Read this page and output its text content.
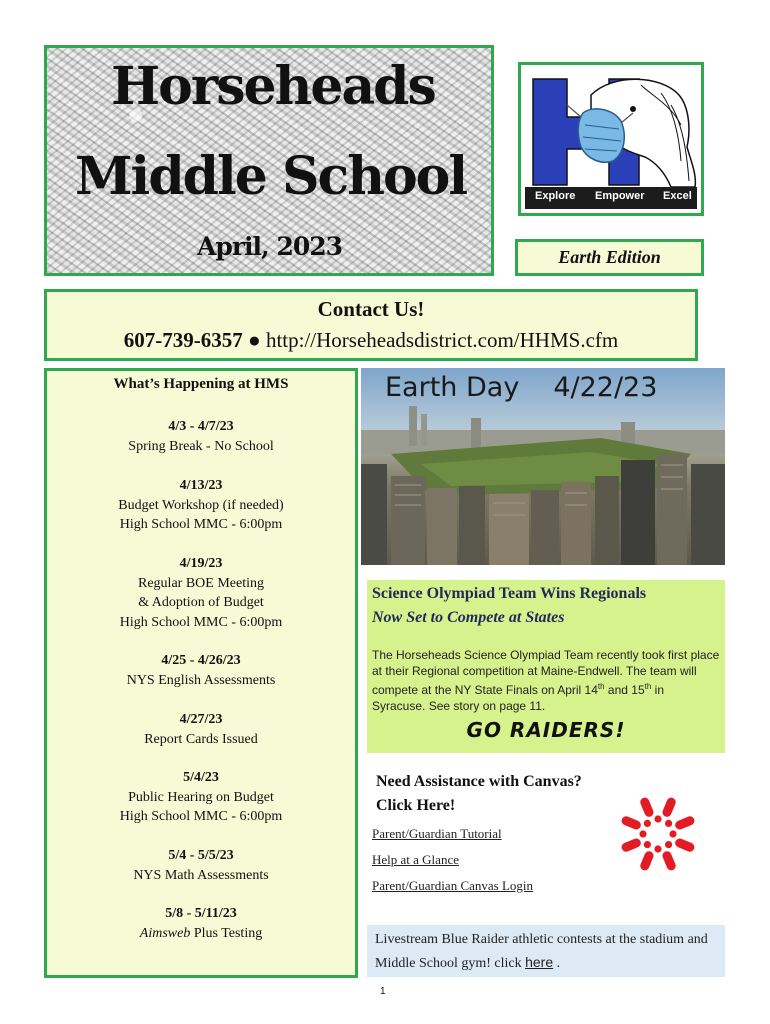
Horseheads
Middle School
April, 2023
Explore Empower Excel
Earth Edition
Contact Us!
607-739-6357 ● http://Horseheadsdistrict.com/HHMS.cfm
What’s Happening at HMS
4/3 - 4/7/23
Spring Break - No School
4/13/23
Budget Workshop (if needed)
High School MMC - 6:00pm
4/19/23
Regular BOE Meeting
& Adoption of Budget
High School MMC - 6:00pm
4/25 - 4/26/23
NYS English Assessments
4/27/23
Report Cards Issued
5/4/23
Public Hearing on Budget
High School MMC - 6:00pm
5/4 - 5/5/23
NYS Math Assessments
5/8 - 5/11/23
Aimsweb Plus Testing
Earth Day 4/22/23
Science Olympiad Team Wins Regionals
Now Set to Compete at States
The Horseheads Science Olympiad Team recently took first place at their Regional competition at Maine-Endwell. The team will compete at the NY State Finals on April 14th and 15th in Syracuse. See story on page 11.
GO RAIDERS!
Need Assistance with Canvas?
Click Here!
Parent/Guardian Tutorial
Help at a Glance
Parent/Guardian Canvas Login
Livestream Blue Raider athletic contests at the stadium and Middle School gym! click here .
1
